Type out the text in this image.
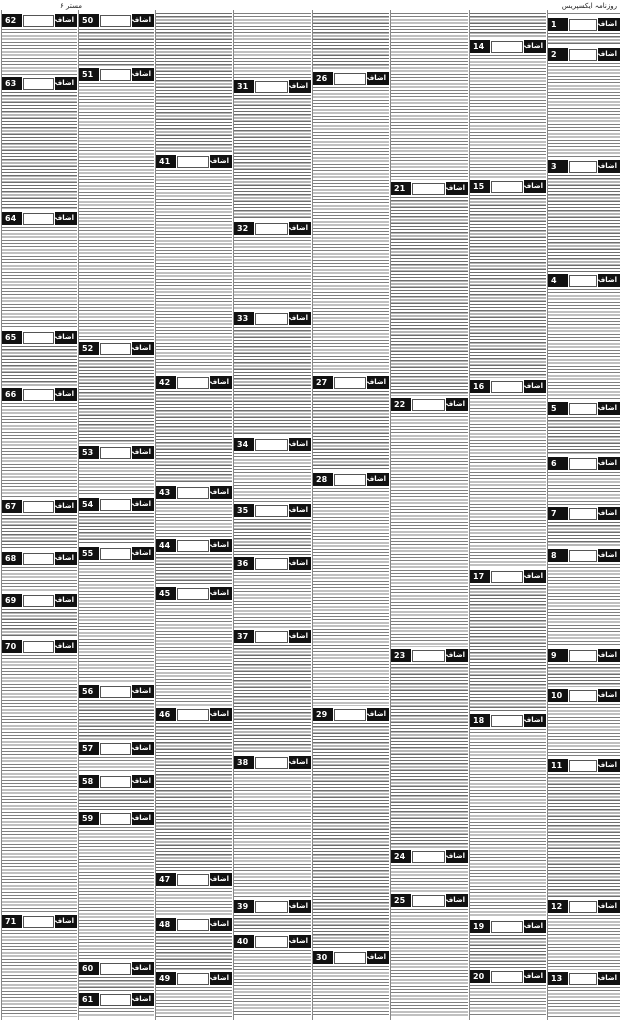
مستر ۶	روزنامہ ایکسپریس
اضافہ
1
اضافہ
2
اضافہ
3
اضافہ
4
اضافہ
5
اضافہ
6
اضافہ
7
اضافہ
8
اضافہ
9
اضافہ
10
اضافہ
11
اضافہ
12
اضافہ
13
اضافہ
14
اضافہ
15
اضافہ
16
اضافہ
17
اضافہ
18
اضافہ
19
اضافہ
20
اضافہ
21
اضافہ
22
اضافہ
23
اضافہ
24
اضافہ
25
اضافہ
26
اضافہ
27
اضافہ
28
اضافہ
29
اضافہ
30
اضافہ
31
اضافہ
32
اضافہ
33
اضافہ
34
اضافہ
35
اضافہ
36
اضافہ
37
اضافہ
38
اضافہ
39
اضافہ
40
اضافہ
41
اضافہ
42
اضافہ
43
اضافہ
44
اضافہ
45
اضافہ
46
اضافہ
47
اضافہ
48
اضافہ
49
اضافہ
50
اضافہ
51
اضافہ
52
اضافہ
53
اضافہ
54
اضافہ
55
اضافہ
56
اضافہ
57
اضافہ
58
اضافہ
59
اضافہ
60
اضافہ
61
اضافہ
62
اضافہ
63
اضافہ
64
اضافہ
65
اضافہ
66
اضافہ
67
اضافہ
68
اضافہ
69
اضافہ
70
اضافہ
71
